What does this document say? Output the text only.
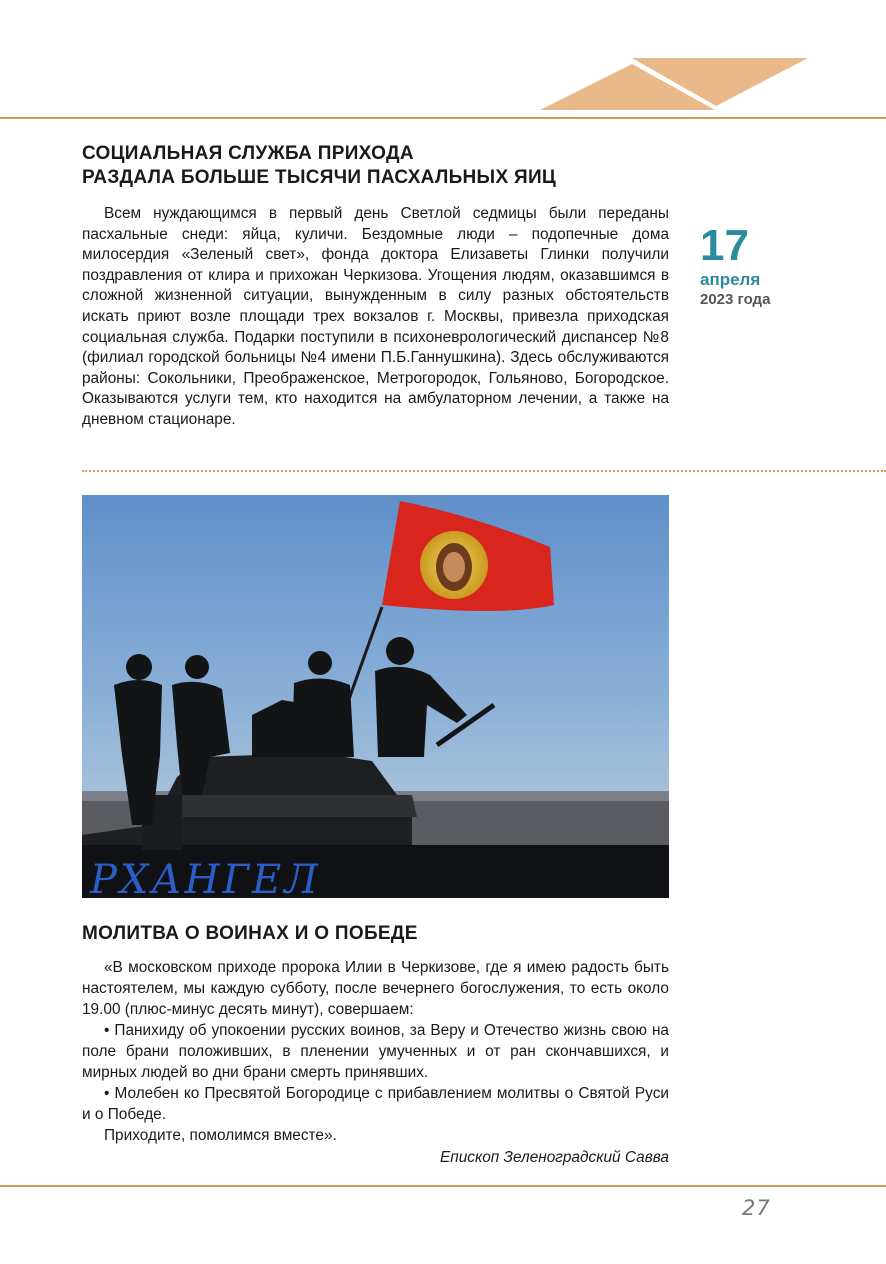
СОЦИАЛЬНАЯ СЛУЖБА ПРИХОДА
РАЗДАЛА БОЛЬШЕ ТЫСЯЧИ ПАСХАЛЬНЫХ ЯИЦ

Всем нуждающимся в первый день Светлой седмицы были переданы пасхальные снеди: яйца, куличи. Бездомные люди – подопечные дома милосердия «Зеленый свет», фонда доктора Елизаветы Глинки получили поздравления от клира и прихожан Черкизова. Угощения людям, оказавшимся в сложной жизненной ситуации, вынужденным в силу разных обстоятельств искать приют возле площади трех вокзалов г. Москвы, привезла приходская социальная служба. Подарки поступили в психоневрологический диспансер №8 (филиал городской больницы №4 имени П.Б.Ганнушкина). Здесь обслуживаются районы: Сокольники, Преображенское, Метрогородок, Гольяново, Богородское. Оказываются услуги тем, кто находится на амбулаторном лечении, а также на дневном стационаре.

17
апреля
2023 года
РХАНГЕЛ
МОЛИТВА О ВОИНАХ И О ПОБЕДЕ

«В московском приходе пророка Илии в Черкизове, где я имею радость быть настоятелем, мы каждую субботу, после вечернего богослужения, то есть около 19.00 (плюс-минус десять минут), совершаем:

• Панихиду об упокоении русских воинов, за Веру и Отечество жизнь свою на поле брани положивших, в пленении умученных и от ран скончавшихся, и мирных людей во дни брани смерть принявших.

• Молебен ко Пресвятой Богородице с прибавлением молитвы о Святой Руси и о Победе.

Приходите, помолимся вместе».

Епископ Зеленоградский Савва

27
